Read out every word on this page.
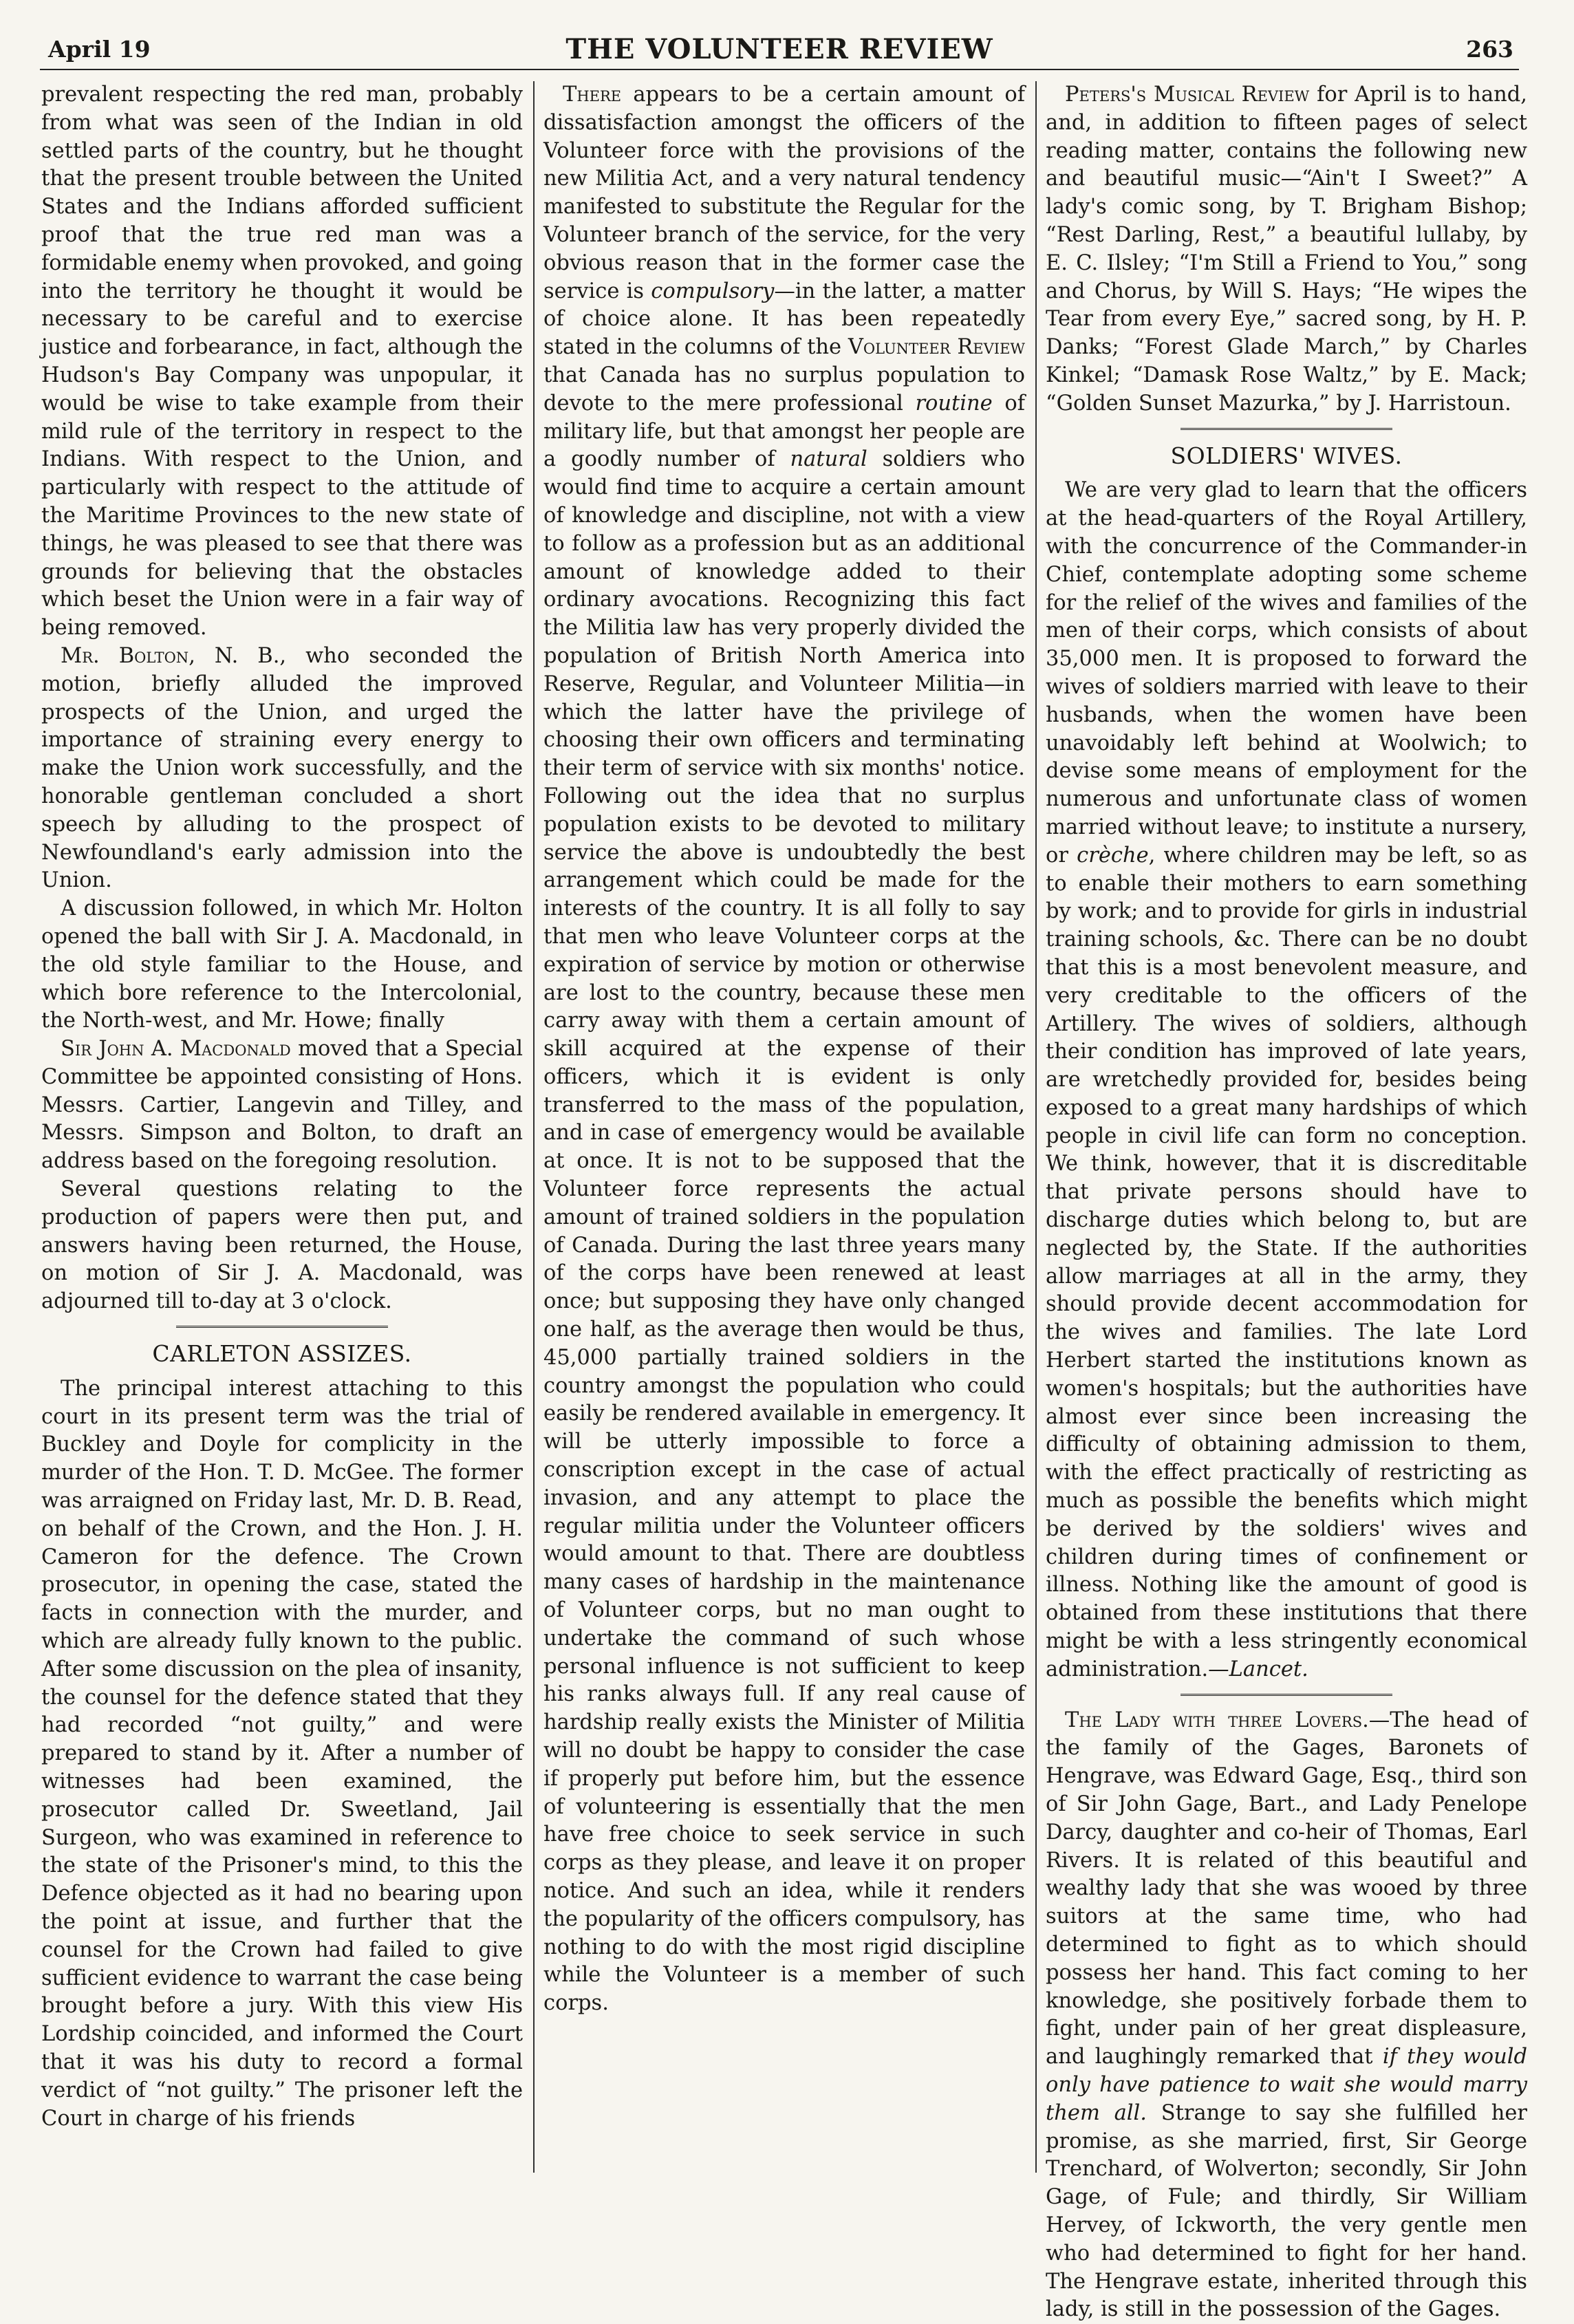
April 19	THE VOLUNTEER REVIEW	263

prevalent respecting the red man, probably from what was seen of the Indian in old settled parts of the country, but he thought that the present trouble between the United States and the Indians afforded sufficient proof that the true red man was a formidable enemy when provoked, and going into the territory he thought it would be necessary to be careful and to exercise justice and forbearance, in fact, although the Hudson's Bay Company was unpopular, it would be wise to take example from their mild rule of the territory in respect to the Indians. With respect to the Union, and particularly with respect to the attitude of the Maritime Provinces to the new state of things, he was pleased to see that there was grounds for believing that the obstacles which beset the Union were in a fair way of being removed.

Mr. Bolton, N. B., who seconded the motion, briefly alluded the improved prospects of the Union, and urged the importance of straining every energy to make the Union work successfully, and the honorable gentleman concluded a short speech by alluding to the prospect of Newfoundland's early admission into the Union.

A discussion followed, in which Mr. Holton opened the ball with Sir J. A. Macdonald, in the old style familiar to the House, and which bore reference to the Intercolonial, the North-west, and Mr. Howe; finally

Sir John A. Macdonald moved that a Special Committee be appointed consisting of Hons. Messrs. Cartier, Langevin and Tilley, and Messrs. Simpson and Bolton, to draft an address based on the foregoing resolution.

Several questions relating to the production of papers were then put, and answers having been returned, the House, on motion of Sir J. A. Macdonald, was adjourned till to-day at 3 o'clock.

CARLETON ASSIZES.

The principal interest attaching to this court in its present term was the trial of Buckley and Doyle for complicity in the murder of the Hon. T. D. McGee. The former was arraigned on Friday last, Mr. D. B. Read, on behalf of the Crown, and the Hon. J. H. Cameron for the defence. The Crown prosecutor, in opening the case, stated the facts in connection with the murder, and which are already fully known to the public. After some discussion on the plea of insanity, the counsel for the defence stated that they had recorded “not guilty,” and were prepared to stand by it. After a number of witnesses had been examined, the prosecutor called Dr. Sweetland, Jail Surgeon, who was examined in reference to the state of the Prisoner's mind, to this the Defence objected as it had no bearing upon the point at issue, and further that the counsel for the Crown had failed to give sufficient evidence to warrant the case being brought before a jury. With this view His Lordship coincided, and informed the Court that it was his duty to record a formal verdict of “not guilty.” The prisoner left the Court in charge of his friends

There appears to be a certain amount of dissatisfaction amongst the officers of the Volunteer force with the provisions of the new Militia Act, and a very natural tendency manifested to substitute the Regular for the Volunteer branch of the service, for the very obvious reason that in the former case the service is compulsory—in the latter, a matter of choice alone. It has been repeatedly stated in the columns of the Volunteer Review that Canada has no surplus population to devote to the mere professional routine of military life, but that amongst her people are a goodly number of natural soldiers who would find time to acquire a certain amount of knowledge and discipline, not with a view to follow as a profession but as an additional amount of knowledge added to their ordinary avocations. Recognizing this fact the Militia law has very properly divided the population of British North America into Reserve, Regular, and Volunteer Militia—in which the latter have the privilege of choosing their own officers and terminating their term of service with six months' notice. Following out the idea that no surplus population exists to be devoted to military service the above is undoubtedly the best arrangement which could be made for the interests of the country. It is all folly to say that men who leave Volunteer corps at the expiration of service by motion or otherwise are lost to the country, because these men carry away with them a certain amount of skill acquired at the expense of their officers, which it is evident is only transferred to the mass of the population, and in case of emergency would be available at once. It is not to be supposed that the Volunteer force represents the actual amount of trained soldiers in the population of Canada. During the last three years many of the corps have been renewed at least once; but supposing they have only changed one half, as the average then would be thus, 45,000 partially trained soldiers in the country amongst the population who could easily be rendered available in emergency. It will be utterly impossible to force a conscription except in the case of actual invasion, and any attempt to place the regular militia under the Volunteer officers would amount to that. There are doubtless many cases of hardship in the maintenance of Volunteer corps, but no man ought to undertake the command of such whose personal influence is not sufficient to keep his ranks always full. If any real cause of hardship really exists the Minister of Militia will no doubt be happy to consider the case if properly put before him, but the essence of volunteering is essentially that the men have free choice to seek service in such corps as they please, and leave it on proper notice. And such an idea, while it renders the popularity of the officers compulsory, has nothing to do with the most rigid discipline while the Volunteer is a member of such corps.

Peters's Musical Review for April is to hand, and, in addition to fifteen pages of select reading matter, contains the following new and beautiful music—“Ain't I Sweet?” A lady's comic song, by T. Brigham Bishop; “Rest Darling, Rest,” a beautiful lullaby, by E. C. Ilsley; “I'm Still a Friend to You,” song and Chorus, by Will S. Hays; “He wipes the Tear from every Eye,” sacred song, by H. P. Danks; “Forest Glade March,” by Charles Kinkel; “Damask Rose Waltz,” by E. Mack; “Golden Sunset Mazurka,” by J. Harristoun.

SOLDIERS' WIVES.

We are very glad to learn that the officers at the head-quarters of the Royal Artillery, with the concurrence of the Commander-in Chief, contemplate adopting some scheme for the relief of the wives and families of the men of their corps, which consists of about 35,000 men. It is proposed to forward the wives of soldiers married with leave to their husbands, when the women have been unavoidably left behind at Woolwich; to devise some means of employment for the numerous and unfortunate class of women married without leave; to institute a nursery, or crèche, where children may be left, so as to enable their mothers to earn something by work; and to provide for girls in industrial training schools, &c. There can be no doubt that this is a most benevolent measure, and very creditable to the officers of the Artillery. The wives of soldiers, although their condition has improved of late years, are wretchedly provided for, besides being exposed to a great many hardships of which people in civil life can form no conception. We think, however, that it is discreditable that private persons should have to discharge duties which belong to, but are neglected by, the State. If the authorities allow marriages at all in the army, they should provide decent accommodation for the wives and families. The late Lord Herbert started the institutions known as women's hospitals; but the authorities have almost ever since been increasing the difficulty of obtaining admission to them, with the effect practically of restricting as much as possible the benefits which might be derived by the soldiers' wives and children during times of confinement or illness. Nothing like the amount of good is obtained from these institutions that there might be with a less stringently economical administration.—Lancet.

The Lady with three Lovers.—The head of the family of the Gages, Baronets of Hengrave, was Edward Gage, Esq., third son of Sir John Gage, Bart., and Lady Penelope Darcy, daughter and co-heir of Thomas, Earl Rivers. It is related of this beautiful and wealthy lady that she was wooed by three suitors at the same time, who had determined to fight as to which should possess her hand. This fact coming to her knowledge, she positively forbade them to fight, under pain of her great displeasure, and laughingly remarked that if they would only have patience to wait she would marry them all. Strange to say she fulfilled her promise, as she married, first, Sir George Trenchard, of Wolverton; secondly, Sir John Gage, of Fule; and thirdly, Sir William Hervey, of Ickworth, the very gentle men who had determined to fight for her hand. The Hengrave estate, inherited through this lady, is still in the possession of the Gages.
